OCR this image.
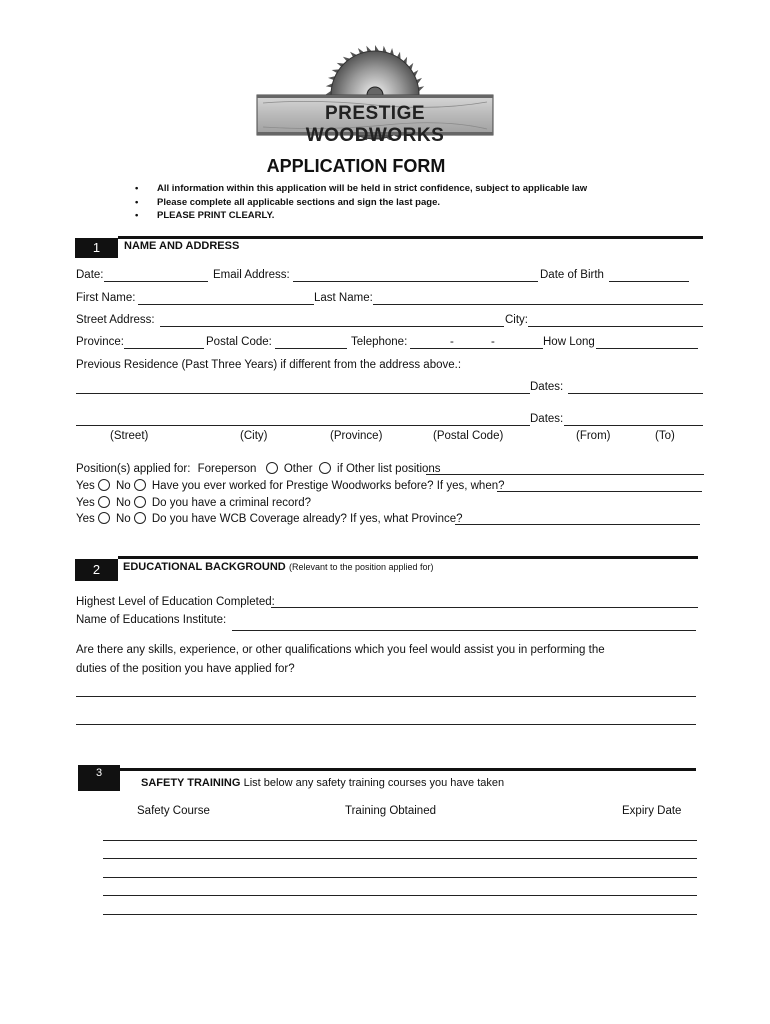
PRESTIGE WOODWORKS
APPLICATION FORM
• All information within this application will be held in strict confidence, subject to applicable law
• Please complete all applicable sections and sign the last page.
• PLEASE PRINT CLEARLY.
1	NAME AND ADDRESS
Date:	Email Address:	Date of Birth
First Name:	Last Name:
Street Address:	City:
Province:	Postal Code:	Telephone:	-	-	How Long
Previous Residence (Past Three Years) if different from the address above.:
Dates:
Dates:
(Street)	(City)	(Province)	(Postal Code)	(From)	(To)
Position(s) applied for: Foreperson Other if Other list positions
Yes No Have you ever worked for Prestige Woodworks before? If yes, when?
Yes No Do you have a criminal record?
Yes No Do you have WCB Coverage already? If yes, what Province?
2	EDUCATIONAL BACKGROUND (Relevant to the position applied for)
Highest Level of Education Completed:
Name of Educations Institute:
Are there any skills, experience, or other qualifications which you feel would assist you in performing the
duties of the position you have applied for?
3
SAFETY TRAINING List below any safety training courses you have taken
Safety Course	Training Obtained	Expiry Date
